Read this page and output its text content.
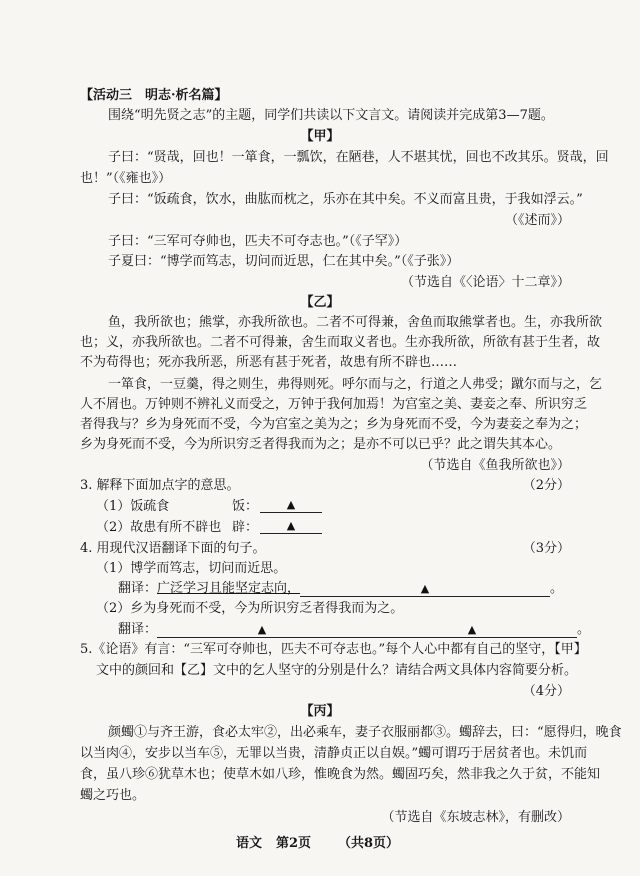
【活动三　明志·析名篇】
围绕“明先贤之志”的主题，同学们共读以下文言文。请阅读并完成第3—7题。
【甲】
子曰：“贤哉，回也！一箪食，一瓢饮，在陋巷，人不堪其忧，回也不改其乐。贤哉，回
也！”（《雍也》）
子曰：“饭疏食，饮水，曲肱而枕之，乐亦在其中矣。不义而富且贵，于我如浮云。”
（《述而》）
子曰：“三军可夺帅也，匹夫不可夺志也。”（《子罕》）
子夏曰：“博学而笃志，切问而近思，仁在其中矣。”（《子张》）
（节选自《〈论语〉十二章》）
【乙】
鱼，我所欲也；熊掌，亦我所欲也。二者不可得兼，舍鱼而取熊掌者也。生，亦我所欲
也；义，亦我所欲也。二者不可得兼，舍生而取义者也。生亦我所欲，所欲有甚于生者，故
不为苟得也；死亦我所恶，所恶有甚于死者，故患有所不辟也……
一箪食，一豆羹，得之则生，弗得则死。呼尔而与之，行道之人弗受；蹴尔而与之，乞
人不屑也。万钟则不辨礼义而受之，万钟于我何加焉！为宫室之美、妻妾之奉、所识穷乏
者得我与？乡为身死而不受，今为宫室之美为之；乡为身死而不受，今为妻妾之奉为之；
乡为身死而不受，今为所识穷乏者得我而为之；是亦不可以已乎？此之谓失其本心。
（节选自《鱼我所欲也》）
3. 解释下面加点字的意思。	（2分）
（1）饭疏食	饭：	▲
（2）故患有所不辟也 辟：	▲
4. 用现代汉语翻译下面的句子。	（3分）
（1）博学而笃志，切问而近思。
翻译：广泛学习且能坚定志向，	▲	。
（2）乡为身死而不受，今为所识穷乏者得我而为之。
翻译：	▲	▲	。
5.《论语》有言：“三军可夺帅也，匹夫不可夺志也。”每个人心中都有自己的坚守，【甲】
文中的颜回和【乙】文中的乞人坚守的分别是什么？请结合两文具体内容简要分析。
（4分）
【丙】
颜蠋①与齐王游，食必太牢②，出必乘车，妻子衣服丽都③。蠋辞去，曰：“愿得归，晚食
以当肉④，安步以当车⑤，无罪以当贵，清静贞正以自娱。”蠋可谓巧于居贫者也。未饥而
食，虽八珍⑥犹草木也；使草木如八珍，惟晚食为然。蠋固巧矣，然非我之久于贫，不能知
蠋之巧也。
（节选自《东坡志林》，有删改）
语文 第2页 （共8页）
